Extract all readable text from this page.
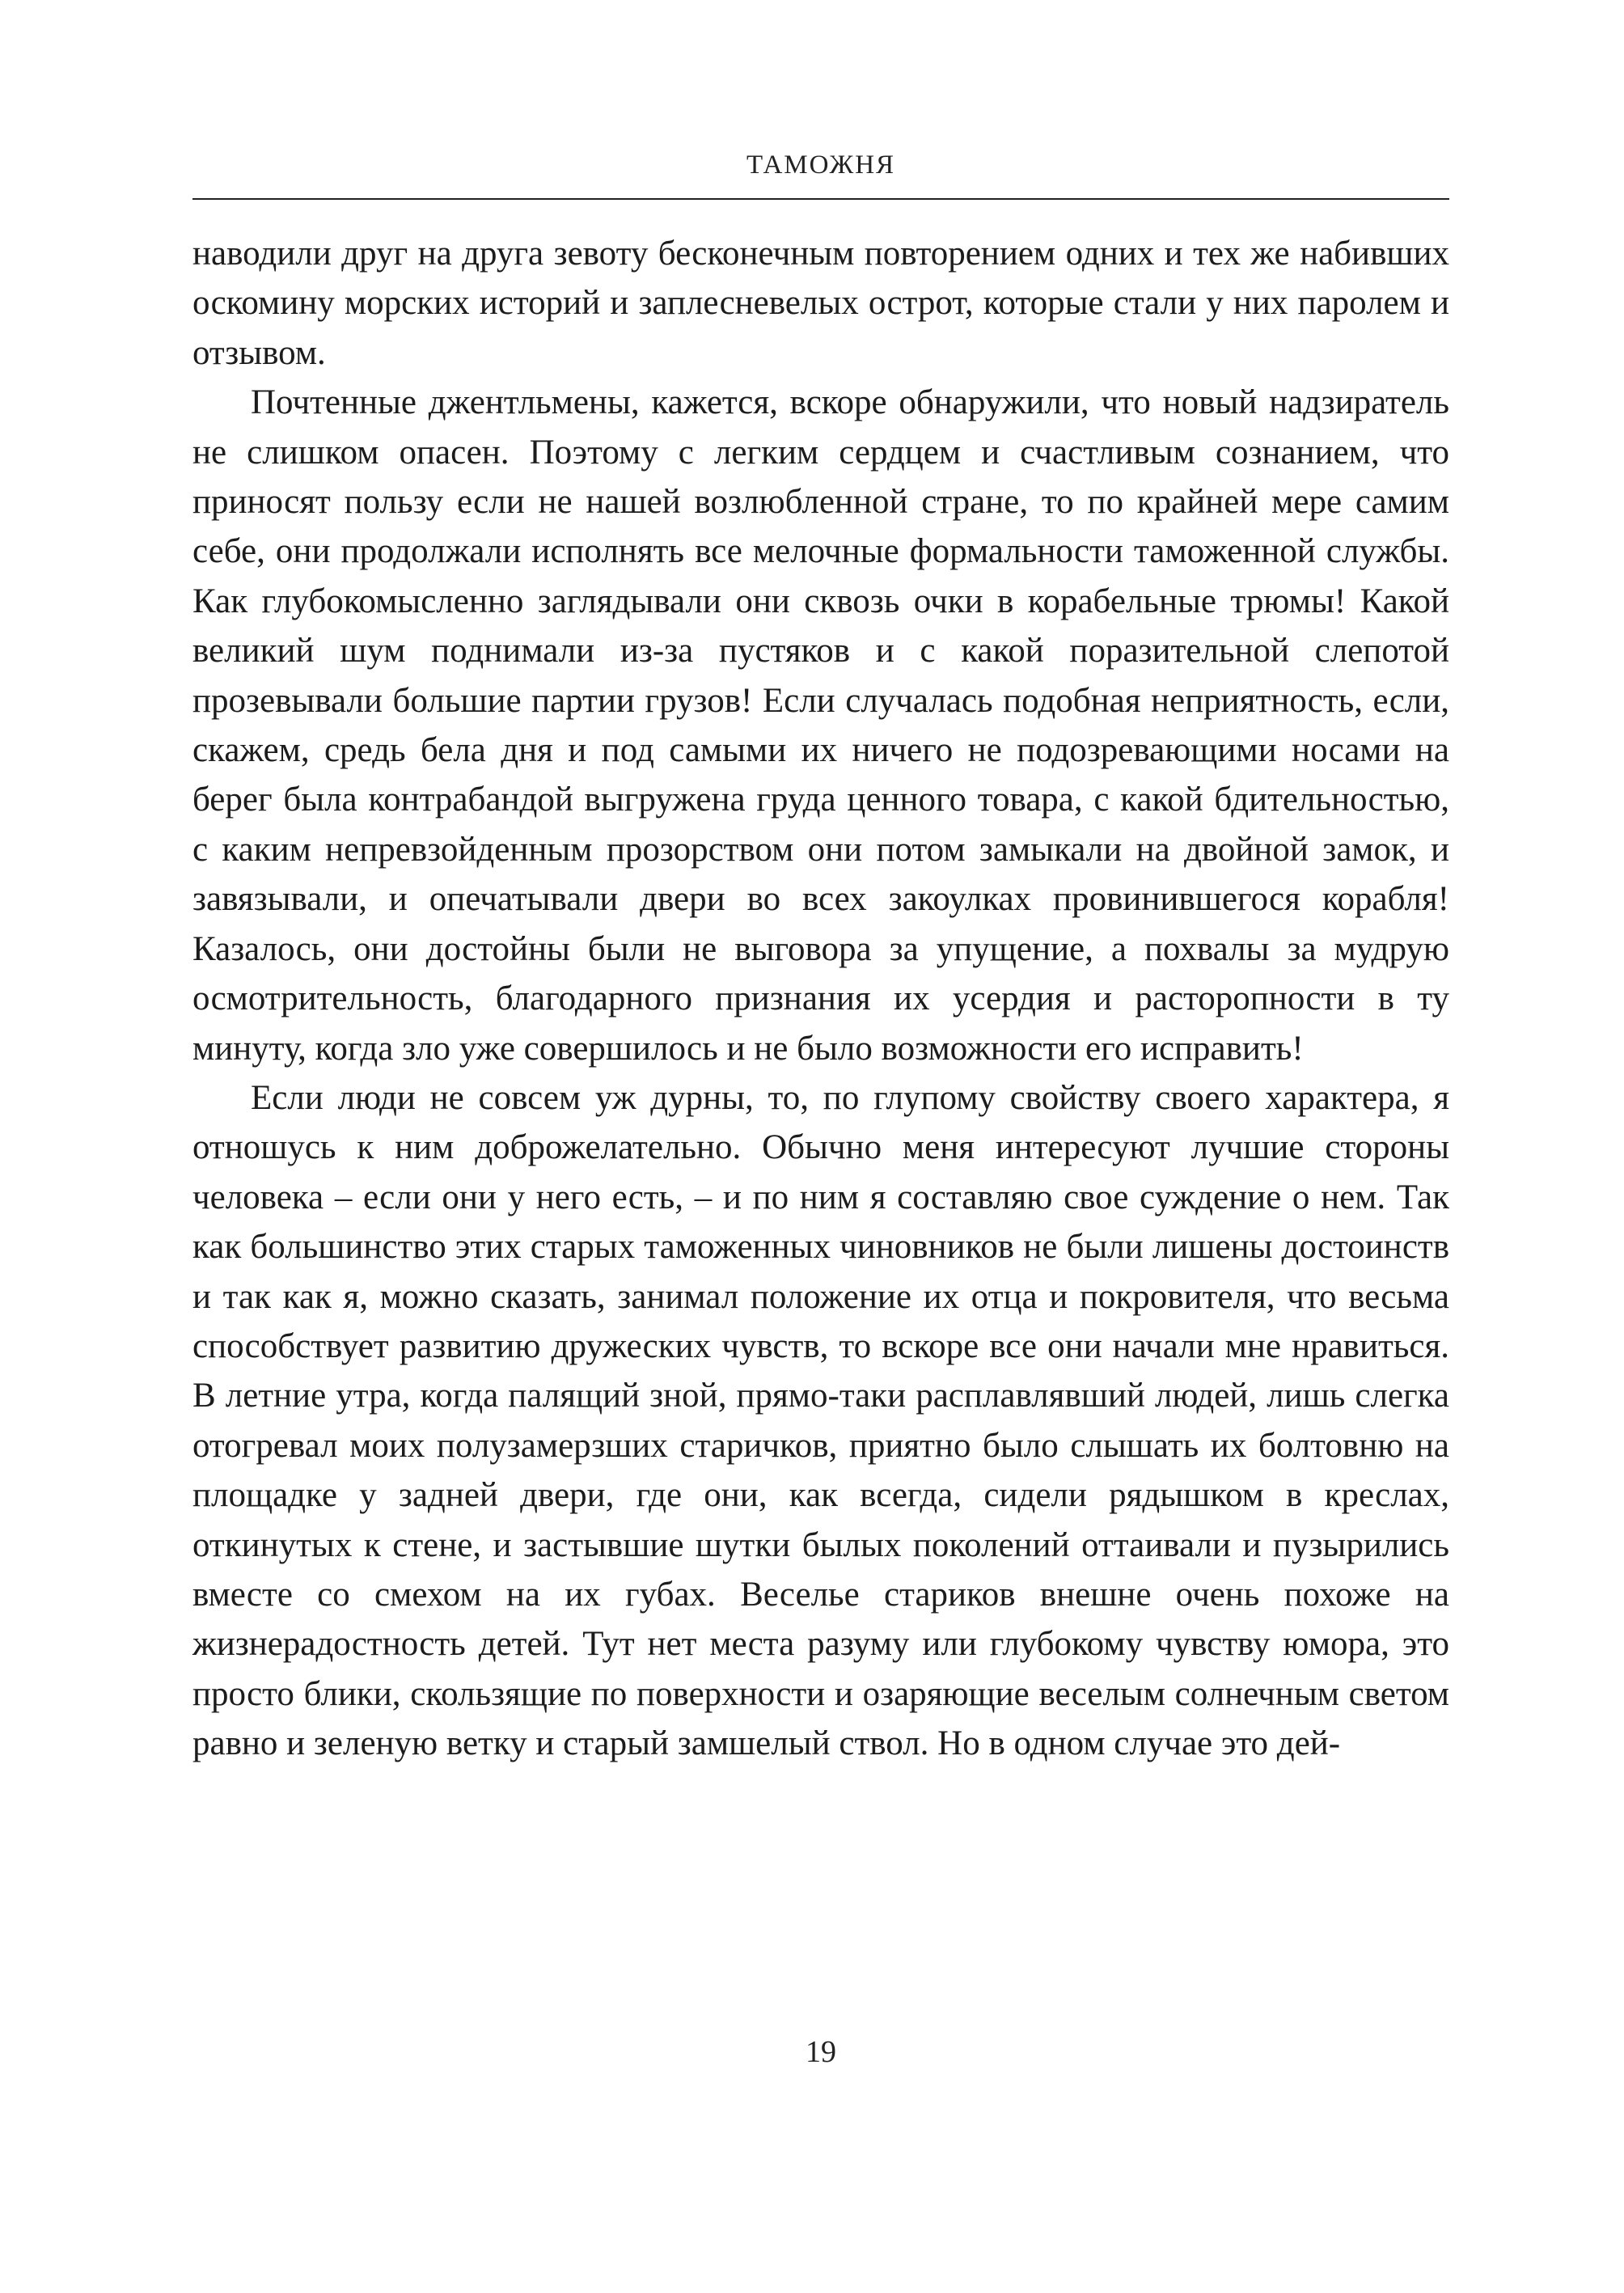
ТАМОЖНЯ

наводили друг на друга зевоту бесконечным повторением одних и тех же набивших оскомину морских историй и заплесневелых острот, которые стали у них паролем и отзывом.

Почтенные джентльмены, кажется, вскоре обнаружили, что новый надзиратель не слишком опасен. Поэтому с легким сердцем и счастливым сознанием, что приносят пользу если не нашей возлюбленной стране, то по крайней мере самим себе, они продолжали исполнять все мелочные формальности таможенной службы. Как глубокомысленно заглядывали они сквозь очки в корабельные трюмы! Какой великий шум поднимали из-за пустяков и с какой поразительной слепотой прозевывали большие партии грузов! Если случалась подобная неприятность, если, скажем, средь бела дня и под самыми их ничего не подозревающими носами на берег была контрабандой выгружена груда ценного товара, с какой бдительностью, с каким непревзойденным прозорством они потом замыкали на двойной замок, и завязывали, и опечатывали двери во всех закоулках провинившегося корабля! Казалось, они достойны были не выговора за упущение, а похвалы за мудрую осмотрительность, благодарного признания их усердия и расторопности в ту минуту, когда зло уже совершилось и не было возможности его исправить!

Если люди не совсем уж дурны, то, по глупому свойству своего характера, я отношусь к ним доброжелательно. Обычно меня интересуют лучшие стороны человека – если они у него есть, – и по ним я составляю свое суждение о нем. Так как большинство этих старых таможенных чиновников не были лишены достоинств и так как я, можно сказать, занимал положение их отца и покровителя, что весьма способствует развитию дружеских чувств, то вскоре все они начали мне нравиться. В летние утра, когда палящий зной, прямо-таки расплавлявший людей, лишь слегка отогревал моих полузамерзших старичков, приятно было слышать их болтовню на площадке у задней двери, где они, как всегда, сидели рядышком в креслах, откинутых к стене, и застывшие шутки былых поколений оттаивали и пузырились вместе со смехом на их губах. Веселье стариков внешне очень похоже на жизнерадостность детей. Тут нет места разуму или глубокому чувству юмора, это просто блики, скользящие по поверхности и озаряющие веселым солнечным светом равно и зеленую ветку и старый замшелый ствол. Но в одном случае это дей-

19
